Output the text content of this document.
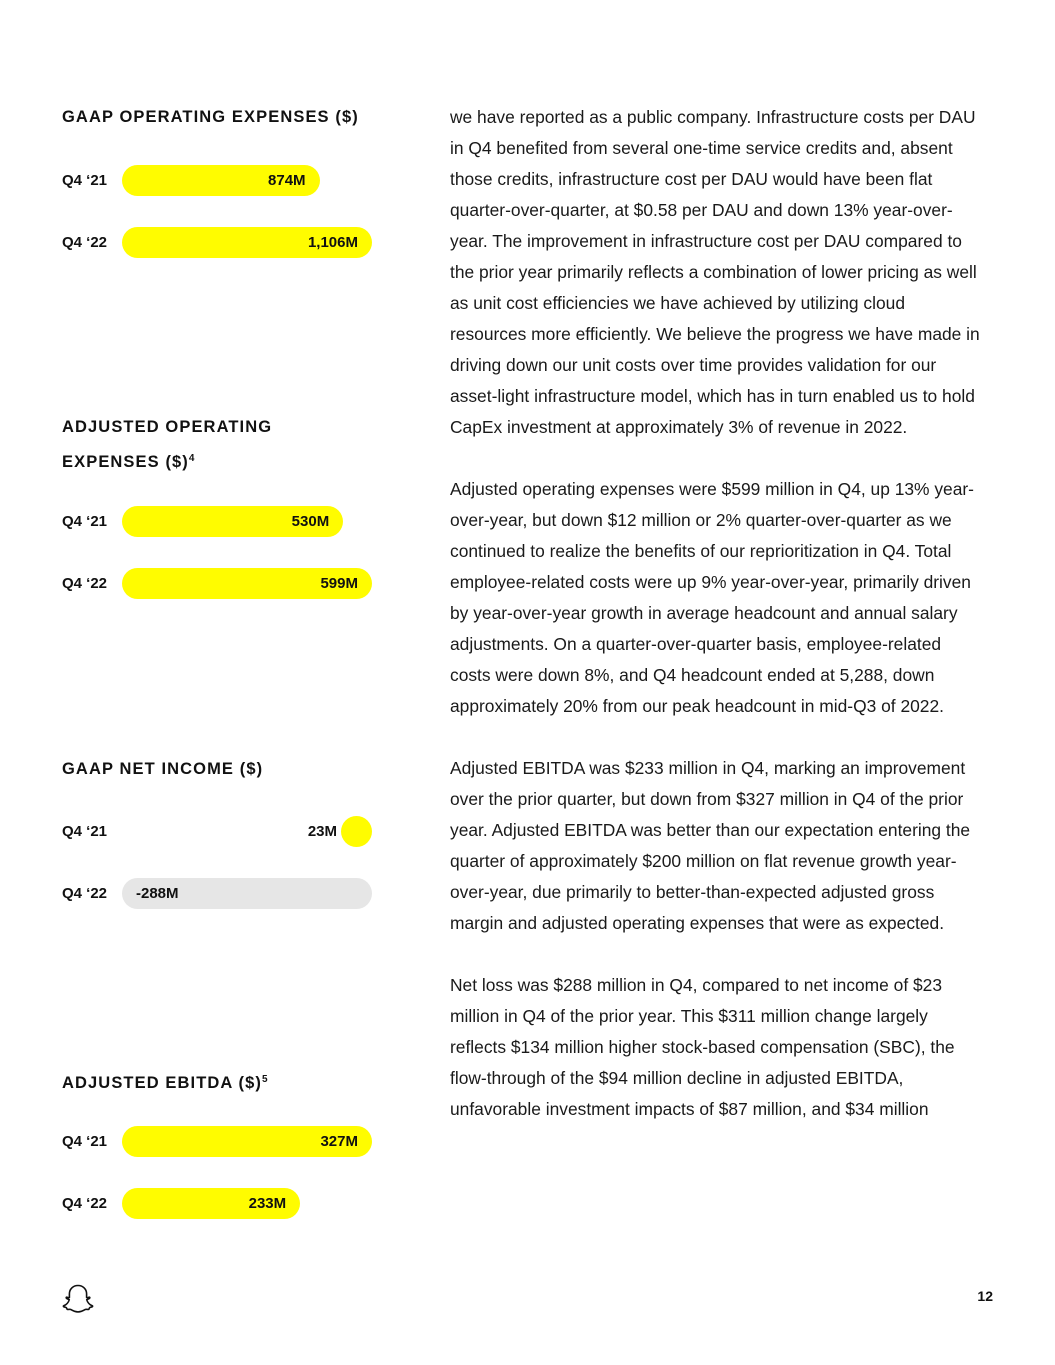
GAAP OPERATING EXPENSES ($)
Q4 ‘21	874M
Q4 ‘22	1,106M
ADJUSTED OPERATING EXPENSES ($)$^4$
Q4 ‘21	530M
Q4 ‘22	599M
GAAP NET INCOME ($)
Q4 ‘21	23M
Q4 ‘22	-288M
ADJUSTED EBITDA ($)$^5$
Q4 ‘21	327M
Q4 ‘22	233M

we have reported as a public company. Infrastructure costs per DAU in Q4 benefited from several one-time service credits and, absent those credits, infrastructure cost per DAU would have been flat quarter-over-quarter, at $0.58 per DAU and down 13% year-over-year. The improvement in infrastructure cost per DAU compared to the prior year primarily reflects a combination of lower pricing as well as unit cost efficiencies we have achieved by utilizing cloud resources more efficiently. We believe the progress we have made in driving down our unit costs over time provides validation for our asset-light infrastructure model, which has in turn enabled us to hold CapEx investment at approximately 3% of revenue in 2022.

Adjusted operating expenses were $599 million in Q4, up 13% year-over-year, but down $12 million or 2% quarter-over-quarter as we continued to realize the benefits of our reprioritization in Q4. Total employee-related costs were up 9% year-over-year, primarily driven by year-over-year growth in average headcount and annual salary adjustments. On a quarter-over-quarter basis, employee-related costs were down 8%, and Q4 headcount ended at 5,288, down approximately 20% from our peak headcount in mid-Q3 of 2022.

Adjusted EBITDA was $233 million in Q4, marking an improvement over the prior quarter, but down from $327 million in Q4 of the prior year. Adjusted EBITDA was better than our expectation entering the quarter of approximately $200 million on flat revenue growth year-over-year, due primarily to better-than-expected adjusted gross margin and adjusted operating expenses that were as expected.

Net loss was $288 million in Q4, compared to net income of $23 million in Q4 of the prior year. This $311 million change largely reflects $134 million higher stock-based compensation (SBC), the flow-through of the $94 million decline in adjusted EBITDA, unfavorable investment impacts of $87 million, and $34 million

12
